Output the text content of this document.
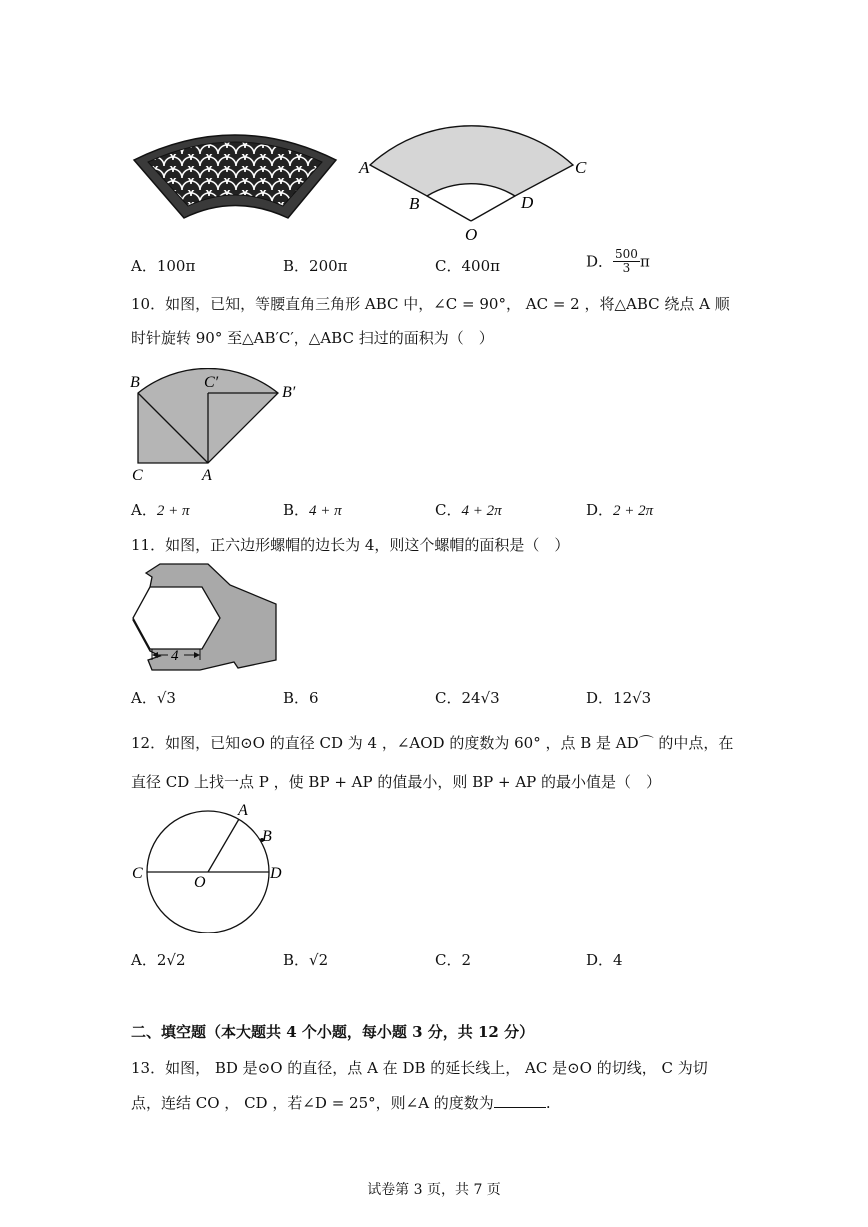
A	C
B	D
O
A．100π	B．200π	C．400π	D． $\frac{500}{3}$ π
10．如图，已知，等腰直角三角形 ABC 中，∠C = 90°， AC = 2 ，将△ABC 绕点 A 顺
时针旋转 90° 至△AB′C′，△ABC 扫过的面积为（　）
B	C′
B′
C	A
A．2 + π	B．4 + π	C．4 + 2π	D．2 + 2π
11．如图，正六边形螺帽的边长为 4，则这个螺帽的面积是（　）
4
A．√3	B．6	C．24√3	D．12√3
12．如图，已知⊙O 的直径 CD 为 4 ，∠AOD 的度数为 60° ，点 B 是 AD⌒ 的中点，在
直径 CD 上找一点 P ，使 BP + AP 的值最小，则 BP + AP 的最小值是（　）
A
B
C
O
D
A．2√2	B．√2	C．2	D．4
二、填空题（本大题共 4 个小题，每小题 3 分，共 12 分）
13．如图， BD 是⊙O 的直径，点 A 在 DB 的延长线上， AC 是⊙O 的切线， C 为切
点，连结 CO ， CD ，若∠D = 25°，则∠A 的度数为	.
试卷第 3 页，共 7 页
